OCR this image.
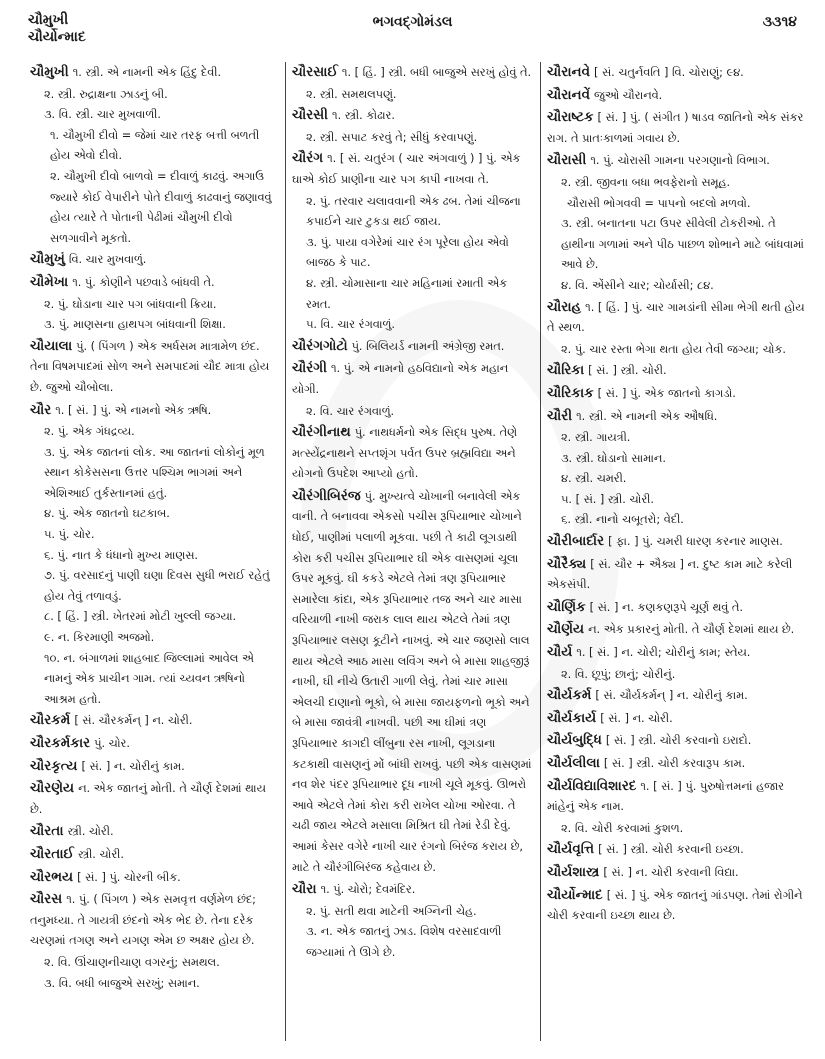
ચૌમુખી
ચૌર્યોન્માદ
ભગવદ્ગોમંડલ	૩૩૧૪
ચૌમુખી ૧. સ્ત્રી. એ નામની એક હિંદુ દેવી.
૨. સ્ત્રી. રુદ્રાક્ષના ઝાડનું બી.
૩. વિ. સ્ત્રી. ચાર મુખવાળી.
૧. ચૌમુખી દીવો = જેમાં ચાર તરફ બત્તી બળતી હોય એવો દીવો.
૨. ચૌમુખી દીવો બાળવો = દીવાળું કાઢવું. અગાઉ જ્યારે કોઈ વેપારીને પોતે દીવાળું કાઢવાનું જણાવવું હોય ત્યારે તે પોતાની પેઢીમાં ચૌમુખી દીવો સળગાવીને મૂકતો.
ચૌમુખું વિ. ચાર મુખવાળું.
ચૌમેખા ૧. પું. કોણીને પછવાડે બાંધવી તે.
૨. પું. ઘોડાના ચાર પગ બાંધવાની ક્રિયા.
૩. પું. માણસના હાથપગ બાંધવાની શિક્ષા.
ચૌયાલા પું. ( પિંગળ ) એક અર્ધસમ માત્રામેળ છંદ. તેના વિષમપાદમાં સોળ અને સમપાદમાં ચૌદ માત્રા હોય છે. જુઓ ચૌબોલા.
ચૌર ૧. [ સં. ] પું. એ નામનો એક ઋષિ.
૨. પું. એક ગંધદ્રવ્ય.
૩. પું. એક જાતનાં લોક. આ જાતનાં લોકોનું મૂળ સ્થાન કોકેસસના ઉત્તર પશ્ચિમ ભાગમાં અને એશિઆઈ તુર્કસ્તાનમાં હતું.
૪. પું. એક જાતનો ઘટકાબ.
૫. પું. ચોર.
૬. પું. નાત કે ધંધાનો મુખ્ય માણસ.
૭. પું. વરસાદનું પાણી ઘણા દિવસ સુધી ભરાઈ રહેતું હોય તેવું તળાવડું.
૮. [ હિં. ] સ્ત્રી. ખેતરમાં મોટી ખુલ્લી જગ્યા.
૯. ન. કિરમાણી અજમો.
૧૦. ન. બંગાળમાં શાહબાદ જિલ્લામાં આવેલ એ નામનું એક પ્રાચીન ગામ. ત્યાં ચ્યવન ઋષિનો આશ્રમ હતો.
ચૌરકર્મ [ સં. ચૌરકર્મન્ ] ન. ચોરી.
ચૌરકર્મકાર પું. ચોર.
ચૌરકૃત્ય [ સં. ] ન. ચોરીનું કામ.
ચૌરણેય ન. એક જાતનું મોતી. તે ચૌર્ણ દેશમાં થાય છે.
ચૌરતા સ્ત્રી. ચોરી.
ચૌરતાઈ સ્ત્રી. ચોરી.
ચૌરભય [ સં. ] પું. ચોરની બીક.
ચૌરસ ૧. પું. ( પિંગળ ) એક સમવૃત્ત વર્ણમેળ છંદ; તનુમધ્યા. તે ગાયત્રી છંદનો એક ભેદ છે. તેના દરેક ચરણમાં તગણ અને યગણ એમ છ અક્ષર હોય છે.
૨. વિ. ઊંચાણનીચાણ વગરનું; સમથલ.
૩. વિ. બધી બાજુએ સરખું; સમાન.
ચૌરસાઈ ૧. [ હિં. ] સ્ત્રી. બધી બાજુએ સરખું હોવું તે.
૨. સ્ત્રી. સમથલપણું.
ચૌરસી ૧. સ્ત્રી. કોઢાર.
૨. સ્ત્રી. સપાટ કરવું તે; સીધું કરવાપણું.
ચૌરંગ ૧. [ સં. ચતુરંગ ( ચાર અંગવાળું ) ] પું. એક ઘાએ કોઈ પ્રાણીના ચાર પગ કાપી નાખવા તે.
૨. પું. તરવાર ચલાવવાની એક ઢબ. તેમાં ચીજના કપાઈને ચાર ટુકડા થઈ જાય.
૩. પું. પાયા વગેરેમાં ચાર રંગ પૂરેલા હોય એવો બાજઠ કે પાટ.
૪. સ્ત્રી. ચોમાસાના ચાર મહિનામાં રમાતી એક રમત.
૫. વિ. ચાર રંગવાળું.
ચૌરંગગોટો પું. બિલિયર્ડ નામની અંગ્રેજી રમત.
ચૌરંગી ૧. પું. એ નામનો હઠવિદ્યાનો એક મહાન યોગી.
૨. વિ. ચાર રંગવાળું.
ચૌરંગીનાથ પું. નાથધર્મનો એક સિદ્ધ પુરુષ. તેણે મત્સ્યેંદ્રનાથને સપ્તશૃંગ પર્વત ઉપર બ્રહ્મવિદ્યા અને યોગનો ઉપદેશ આપ્યો હતો.
ચૌરંગીબિરંજ પું. મુખ્યત્વે ચોખાની બનાવેલી એક વાની. તે બનાવવા એકસો પચીસ રૂપિયાભાર ચોખાને ધોઈ, પાણીમાં પલાળી મૂકવા. પછી તે કાઢી લૂગડાથી કોરા કરી પચીસ રૂપિયાભાર ઘી એક વાસણમાં ચૂલા ઉપર મૂકવું. ઘી કકડે એટલે તેમાં ત્રણ રૂપિયાભાર સમારેલા કાંદા, એક રૂપિયાભાર તજ અને ચાર માસા વરિયાળી નાખી જરાક લાલ થાય એટલે તેમાં ત્રણ રૂપિયાભાર લસણ કૂટીને નાખવું. એ ચાર જણસો લાલ થાય એટલે આઠ માસા લવિંગ અને બે માસા શાહજીરૂં નાખી, ઘી નીચે ઉતારી ગાળી લેવું. તેમાં ચાર માસા એલચી દાણાનો ભૂકો, બે માસા જાયફળનો ભૂકો અને બે માસા જાવંત્રી નાખવી. પછી આ ઘીમાં ત્રણ રૂપિયાભાર કાગદી લીંબુના રસ નાખી, લૂગડાના કટકાથી વાસણનું મોં બાંધી રાખવું. પછી એક વાસણમાં નવ શેર પંદર રૂપિયાભાર દૂધ નાખી ચૂલે મૂકવું. ઊભરો આવે એટલે તેમાં કોરા કરી રાખેલ ચોખા ઓરવા. તે ચઢી જાય એટલે મસાલા મિશ્રિત ઘી તેમાં રેડી દેવું. આમાં કેસર વગેરે નાખી ચાર રંગનો બિરંજ કરાય છે, માટે તે ચૌરંગીબિરંજ કહેવાય છે.
ચૌરા ૧. પું. ચોરો; દેવમંદિર.
૨. પું. સતી થવા માટેની અગ્નિની ચેહ.
૩. ન. એક જાતનું ઝાડ. વિશેષ વરસાદવાળી જગ્યામાં તે ઊગે છે.
ચૌરાનવે [ સં. ચતુર્નવતિ ] વિ. ચોરાણું; ૯૪.
ચૌરાનવેં જુઓ ચૌરાનવે.
ચૌરાષ્ટક [ સં. ] પું. ( સંગીત ) ષાડવ જાતિનો એક સંકર રાગ. તે પ્રાતઃકાળમાં ગવાય છે.
ચૌરાસી ૧. પું. ચોરાસી ગામના પરગણાનો વિભાગ.
૨. સ્ત્રી. જીવના બધા ભવફેરાનો સમૂહ.
ચૌરાસી ભોગવવી = પાપનો બદલો મળવો.
૩. સ્ત્રી. બનાતના પટા ઉપર સીવેલી ટોકરીઓ. તે હાથીના ગળામાં અને પીઠ પાછળ શોભાને માટે બાંધવામાં આવે છે.
૪. વિ. એંસીને ચાર; ચોર્યાસી; ૮૪.
ચૌરાહ ૧. [ હિં. ] પું. ચાર ગામડાંની સીમા ભેગી થતી હોય તે સ્થળ.
૨. પું. ચાર રસ્તા ભેગા થતા હોય તેવી જગ્યા; ચોક.
ચૌરિકા [ સં. ] સ્ત્રી. ચોરી.
ચૌરિકાક [ સં. ] પું. એક જાતનો કાગડો.
ચૌરી ૧. સ્ત્રી. એ નામની એક ઔષધિ.
૨. સ્ત્રી. ગાયત્રી.
૩. સ્ત્રી. ઘોડાનો સામાન.
૪. સ્ત્રી. ચમરી.
૫. [ સં. ] સ્ત્રી. ચોરી.
૬. સ્ત્રી. નાનો ચબૂતરો; વેદી.
ચૌરીબાર્દાર [ ફા. ] પું. ચમરી ધારણ કરનાર માણસ.
ચૌરૈક્ય [ સં. ચૌર + ઐક્ય ] ન. દુષ્ટ કામ માટે કરેલી એકસંપી.
ચૌર્ણિક [ સં. ] ન. કણકણરૂપે ચૂર્ણ થવું તે.
ચૌર્ણેય ન. એક પ્રકારનું મોતી. તે ચૌર્ણ દેશમાં થાય છે.
ચૌર્ય ૧. [ સં. ] ન. ચોરી; ચોરીનું કામ; સ્તેય.
૨. વિ. છૂપું; છાનું; ચોરીનું.
ચૌર્યકર્મ [ સં. ચૌર્યકર્મન્ ] ન. ચોરીનું કામ.
ચૌર્યકાર્ય [ સં. ] ન. ચોરી.
ચૌર્યબુદ્ધિ [ સં. ] સ્ત્રી. ચોરી કરવાનો ઇરાદો.
ચૌર્યલીલા [ સં. ] સ્ત્રી. ચોરી કરવારૂપ કામ.
ચૌર્યવિદ્યાવિશારદ ૧. [ સં. ] પું. પુરુષોત્તમનાં હજાર માંહેનું એક નામ.
૨. વિ. ચોરી કરવામાં કુશળ.
ચૌર્યવૃત્તિ [ સં. ] સ્ત્રી. ચોરી કરવાની ઇચ્છા.
ચૌર્યશાસ્ત્ર [ સં. ] ન. ચોરી કરવાની વિદ્યા.
ચૌર્યોન્માદ [ સં. ] પું. એક જાતનું ગાંડપણ. તેમાં રોગીને ચોરી કરવાની ઇચ્છા થાય છે.
